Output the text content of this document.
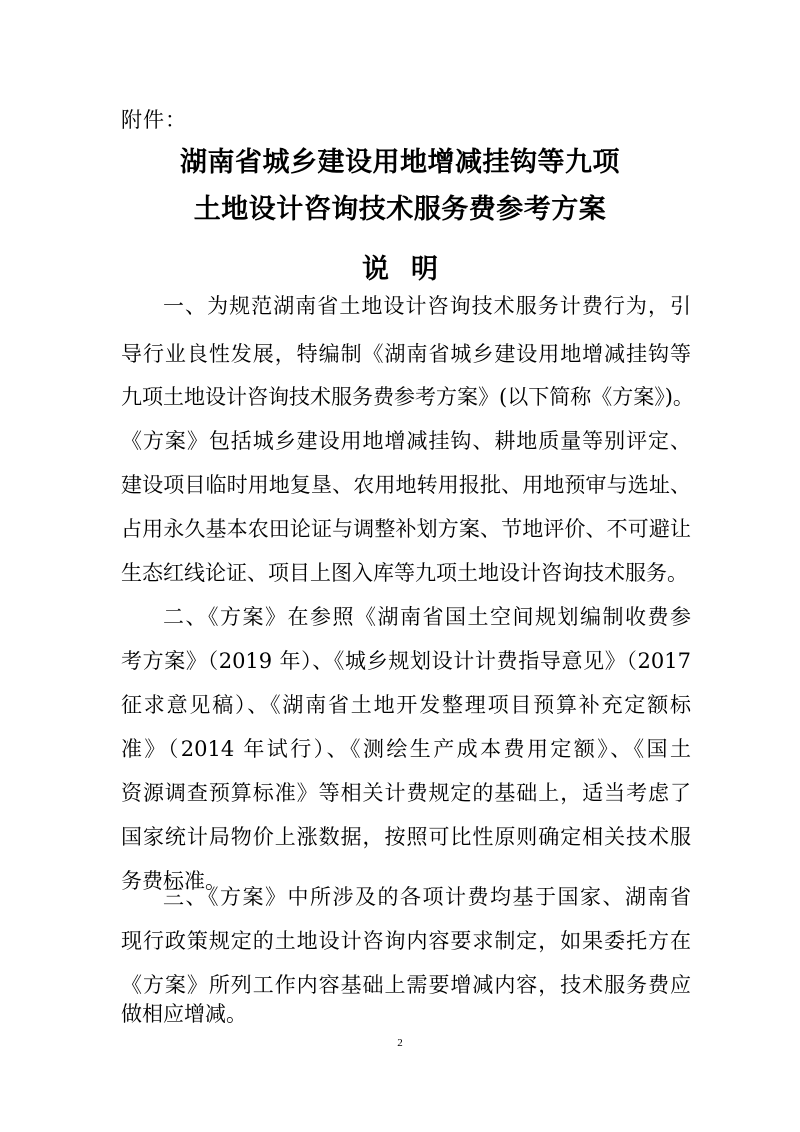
附件：
湖南省城乡建设用地增减挂钩等九项
土地设计咨询技术服务费参考方案
说明
一、为规范湖南省土地设计咨询技术服务计费行为，引
导行业良性发展，特编制《湖南省城乡建设用地增减挂钩等
九项土地设计咨询技术服务费参考方案》(以下简称《方案》)。
《方案》包括城乡建设用地增减挂钩、耕地质量等别评定、
建设项目临时用地复垦、农用地转用报批、用地预审与选址、
占用永久基本农田论证与调整补划方案、节地评价、不可避让
生态红线论证、项目上图入库等九项土地设计咨询技术服务。
二、《方案》在参照《湖南省国土空间规划编制收费参
考方案》（2019 年）、《城乡规划设计计费指导意见》（2017
征求意见稿）、《湖南省土地开发整理项目预算补充定额标
准》（2014 年试行）、《测绘生产成本费用定额》、《国土
资源调查预算标准》等相关计费规定的基础上，适当考虑了
国家统计局物价上涨数据，按照可比性原则确定相关技术服
务费标准。
三、《方案》中所涉及的各项计费均基于国家、湖南省
现行政策规定的土地设计咨询内容要求制定，如果委托方在
《方案》所列工作内容基础上需要增减内容，技术服务费应
做相应增减。
2
